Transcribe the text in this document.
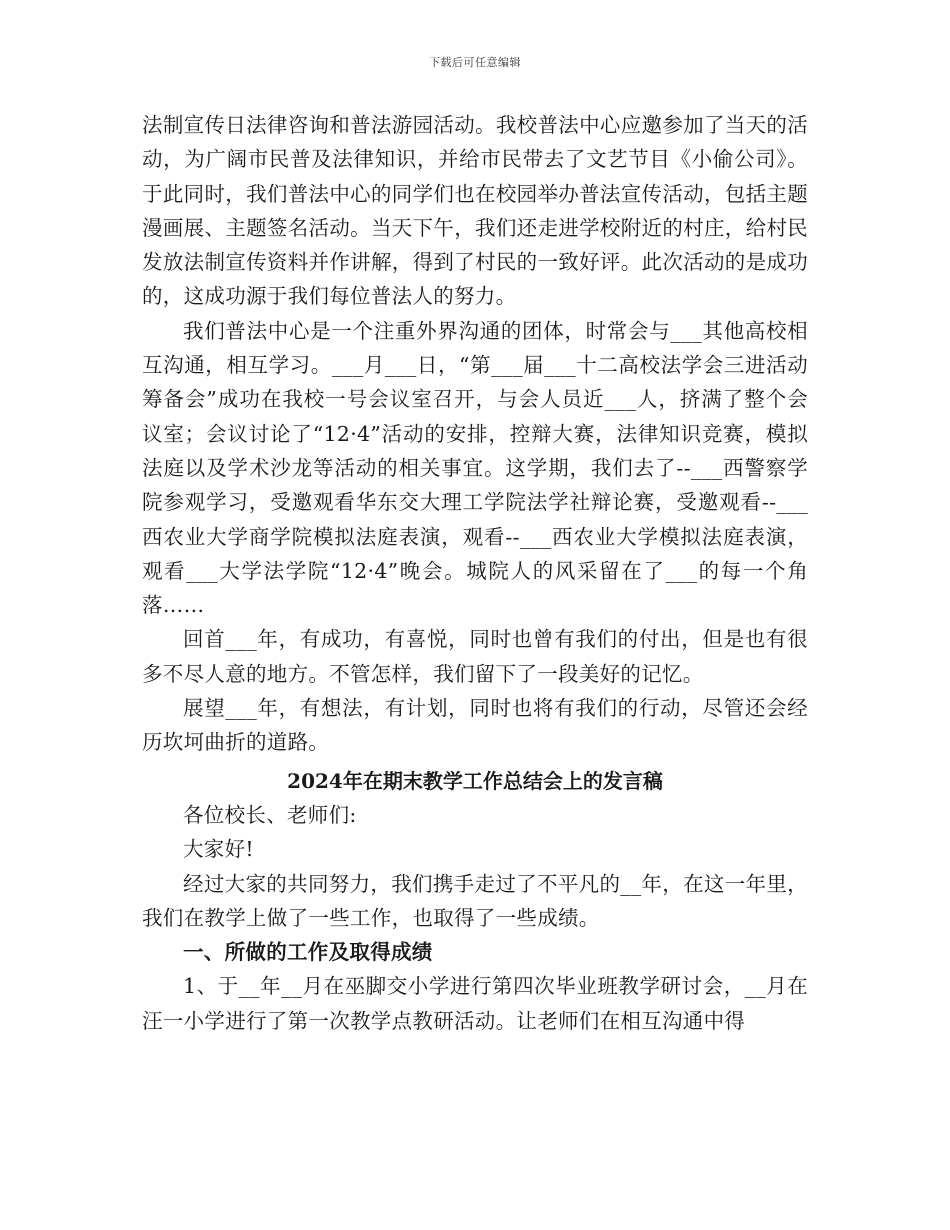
下载后可任意编辑

法制宣传日法律咨询和普法游园活动。我校普法中心应邀参加了当天的活动，为广阔市民普及法律知识，并给市民带去了文艺节目《小偷公司》。于此同时，我们普法中心的同学们也在校园举办普法宣传活动，包括主题漫画展、主题签名活动。当天下午，我们还走进学校附近的村庄，给村民发放法制宣传资料并作讲解，得到了村民的一致好评。此次活动的是成功的，这成功源于我们每位普法人的努力。

我们普法中心是一个注重外界沟通的团体，时常会与___其他高校相互沟通，相互学习。___月___日，“第___届___十二高校法学会三进活动筹备会”成功在我校一号会议室召开，与会人员近___人，挤满了整个会议室；会议讨论了“12·4”活动的安排，控辩大赛，法律知识竞赛，模拟法庭以及学术沙龙等活动的相关事宜。这学期，我们去了--___西警察学院参观学习，受邀观看华东交大理工学院法学社辩论赛，受邀观看--___西农业大学商学院模拟法庭表演，观看--___西农业大学模拟法庭表演，观看___大学法学院“12·4”晚会。城院人的风采留在了___的每一个角落……

回首___年，有成功，有喜悦，同时也曾有我们的付出，但是也有很多不尽人意的地方。不管怎样，我们留下了一段美好的记忆。

展望___年，有想法，有计划，同时也将有我们的行动，尽管还会经历坎坷曲折的道路。

2024年在期末教学工作总结会上的发言稿

各位校长、老师们:

大家好!

经过大家的共同努力，我们携手走过了不平凡的__年，在这一年里，我们在教学上做了一些工作，也取得了一些成绩。

一、所做的工作及取得成绩

1、于__年__月在巫脚交小学进行第四次毕业班教学研讨会，__月在汪一小学进行了第一次教学点教研活动。让老师们在相互沟通中得
